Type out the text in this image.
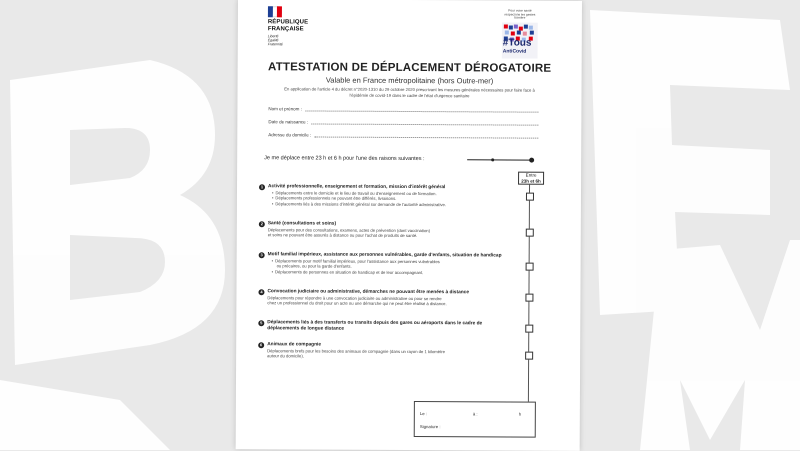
RÉPUBLIQUE
FRANÇAISE
Liberté
Égalité
Fraternité
Pour votre santé
respectons les gestes barrière
#Tous
AntiCovid
ATTESTATION DE DÉPLACEMENT DÉROGATOIRE
Valable en France métropolitaine (hors Outre-mer)
En application de l'article 4 du décret n°2020-1310 du 29 octobre 2020 prescrivant les mesures générales nécessaires pour faire face à l'épidémie de covid-19 dans le cadre de l'état d'urgence sanitaire
Nom et prénom :
Date de naissance :
Adresse du domicile :
Je me déplace entre 23 h et 6 h pour l'une des raisons suivantes :
Entre
23h et 6h
1	Activité professionnelle, enseignement et formation, mission d'intérêt général
• Déplacements entre le domicile et le lieu de travail ou d'enseignement ou de formation.
• Déplacements professionnels ne pouvant être différés, livraisons.
• Déplacements liés à des missions d'intérêt général sur demande de l'autorité administrative.
2	Santé (consultations et soins)
Déplacements pour des consultations, examens, actes de prévention (dont vaccination)
et soins ne pouvant être assurés à distance ou pour l'achat de produits de santé.
3	Motif familial impérieux, assistance aux personnes vulnérables, garde d'enfants, situation de handicap
• Déplacements pour motif familial impérieux, pour l'assistance aux personnes vulnérables
ou précaires, ou pour la garde d'enfants.
• Déplacements de personnes en situation de handicap et de leur accompagnant.
4	Convocation judiciaire ou administrative, démarches ne pouvant être menées à distance
Déplacements pour répondre à une convocation judiciaire ou administrative ou pour se rendre
chez un professionnel du droit pour un acte ou une démarche qui ne peut être réalisé à distance.
5	Déplacements liés à des transferts ou transits depuis des gares ou aéroports dans le cadre de déplacements de longue distance
6	Animaux de compagnie
Déplacements brefs pour les besoins des animaux de compagnie (dans un rayon de 1 kilomètre
autour du domicile).
Le :	à :	h
Signature :
